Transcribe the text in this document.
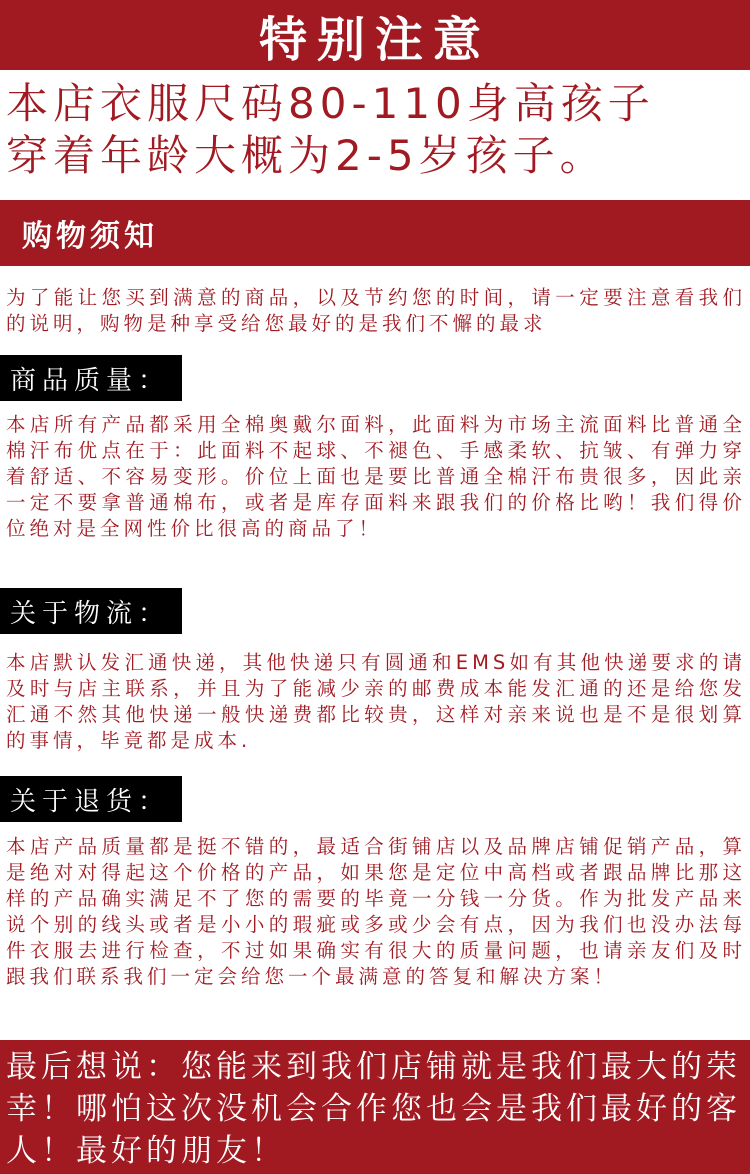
特别注意
本店衣服尺码80-110身高孩子
穿着年龄大概为2-5岁孩子。
购物须知
为了能让您买到满意的商品，以及节约您的时间，请一定要注意看我们的说明，购物是种享受给您最好的是我们不懈的最求
商品质量：
本店所有产品都采用全棉奥戴尔面料，此面料为市场主流面料比普通全棉汗布优点在于：此面料不起球、不褪色、手感柔软、抗皱、有弹力穿着舒适、不容易变形。价位上面也是要比普通全棉汗布贵很多，因此亲一定不要拿普通棉布，或者是库存面料来跟我们的价格比哟！我们得价位绝对是全网性价比很高的商品了！
关于物流：
本店默认发汇通快递，其他快递只有圆通和EMS如有其他快递要求的请及时与店主联系，并且为了能减少亲的邮费成本能发汇通的还是给您发汇通不然其他快递一般快递费都比较贵，这样对亲来说也是不是很划算的事情，毕竟都是成本.
关于退货：
本店产品质量都是挺不错的，最适合街铺店以及品牌店铺促销产品，算是绝对对得起这个价格的产品，如果您是定位中高档或者跟品牌比那这样的产品确实满足不了您的需要的毕竟一分钱一分货。作为批发产品来说个别的线头或者是小小的瑕疵或多或少会有点，因为我们也没办法每件衣服去进行检查，不过如果确实有很大的质量问题，也请亲友们及时跟我们联系我们一定会给您一个最满意的答复和解决方案！
最后想说：您能来到我们店铺就是我们最大的荣幸！哪怕这次没机会合作您也会是我们最好的客人！最好的朋友！
